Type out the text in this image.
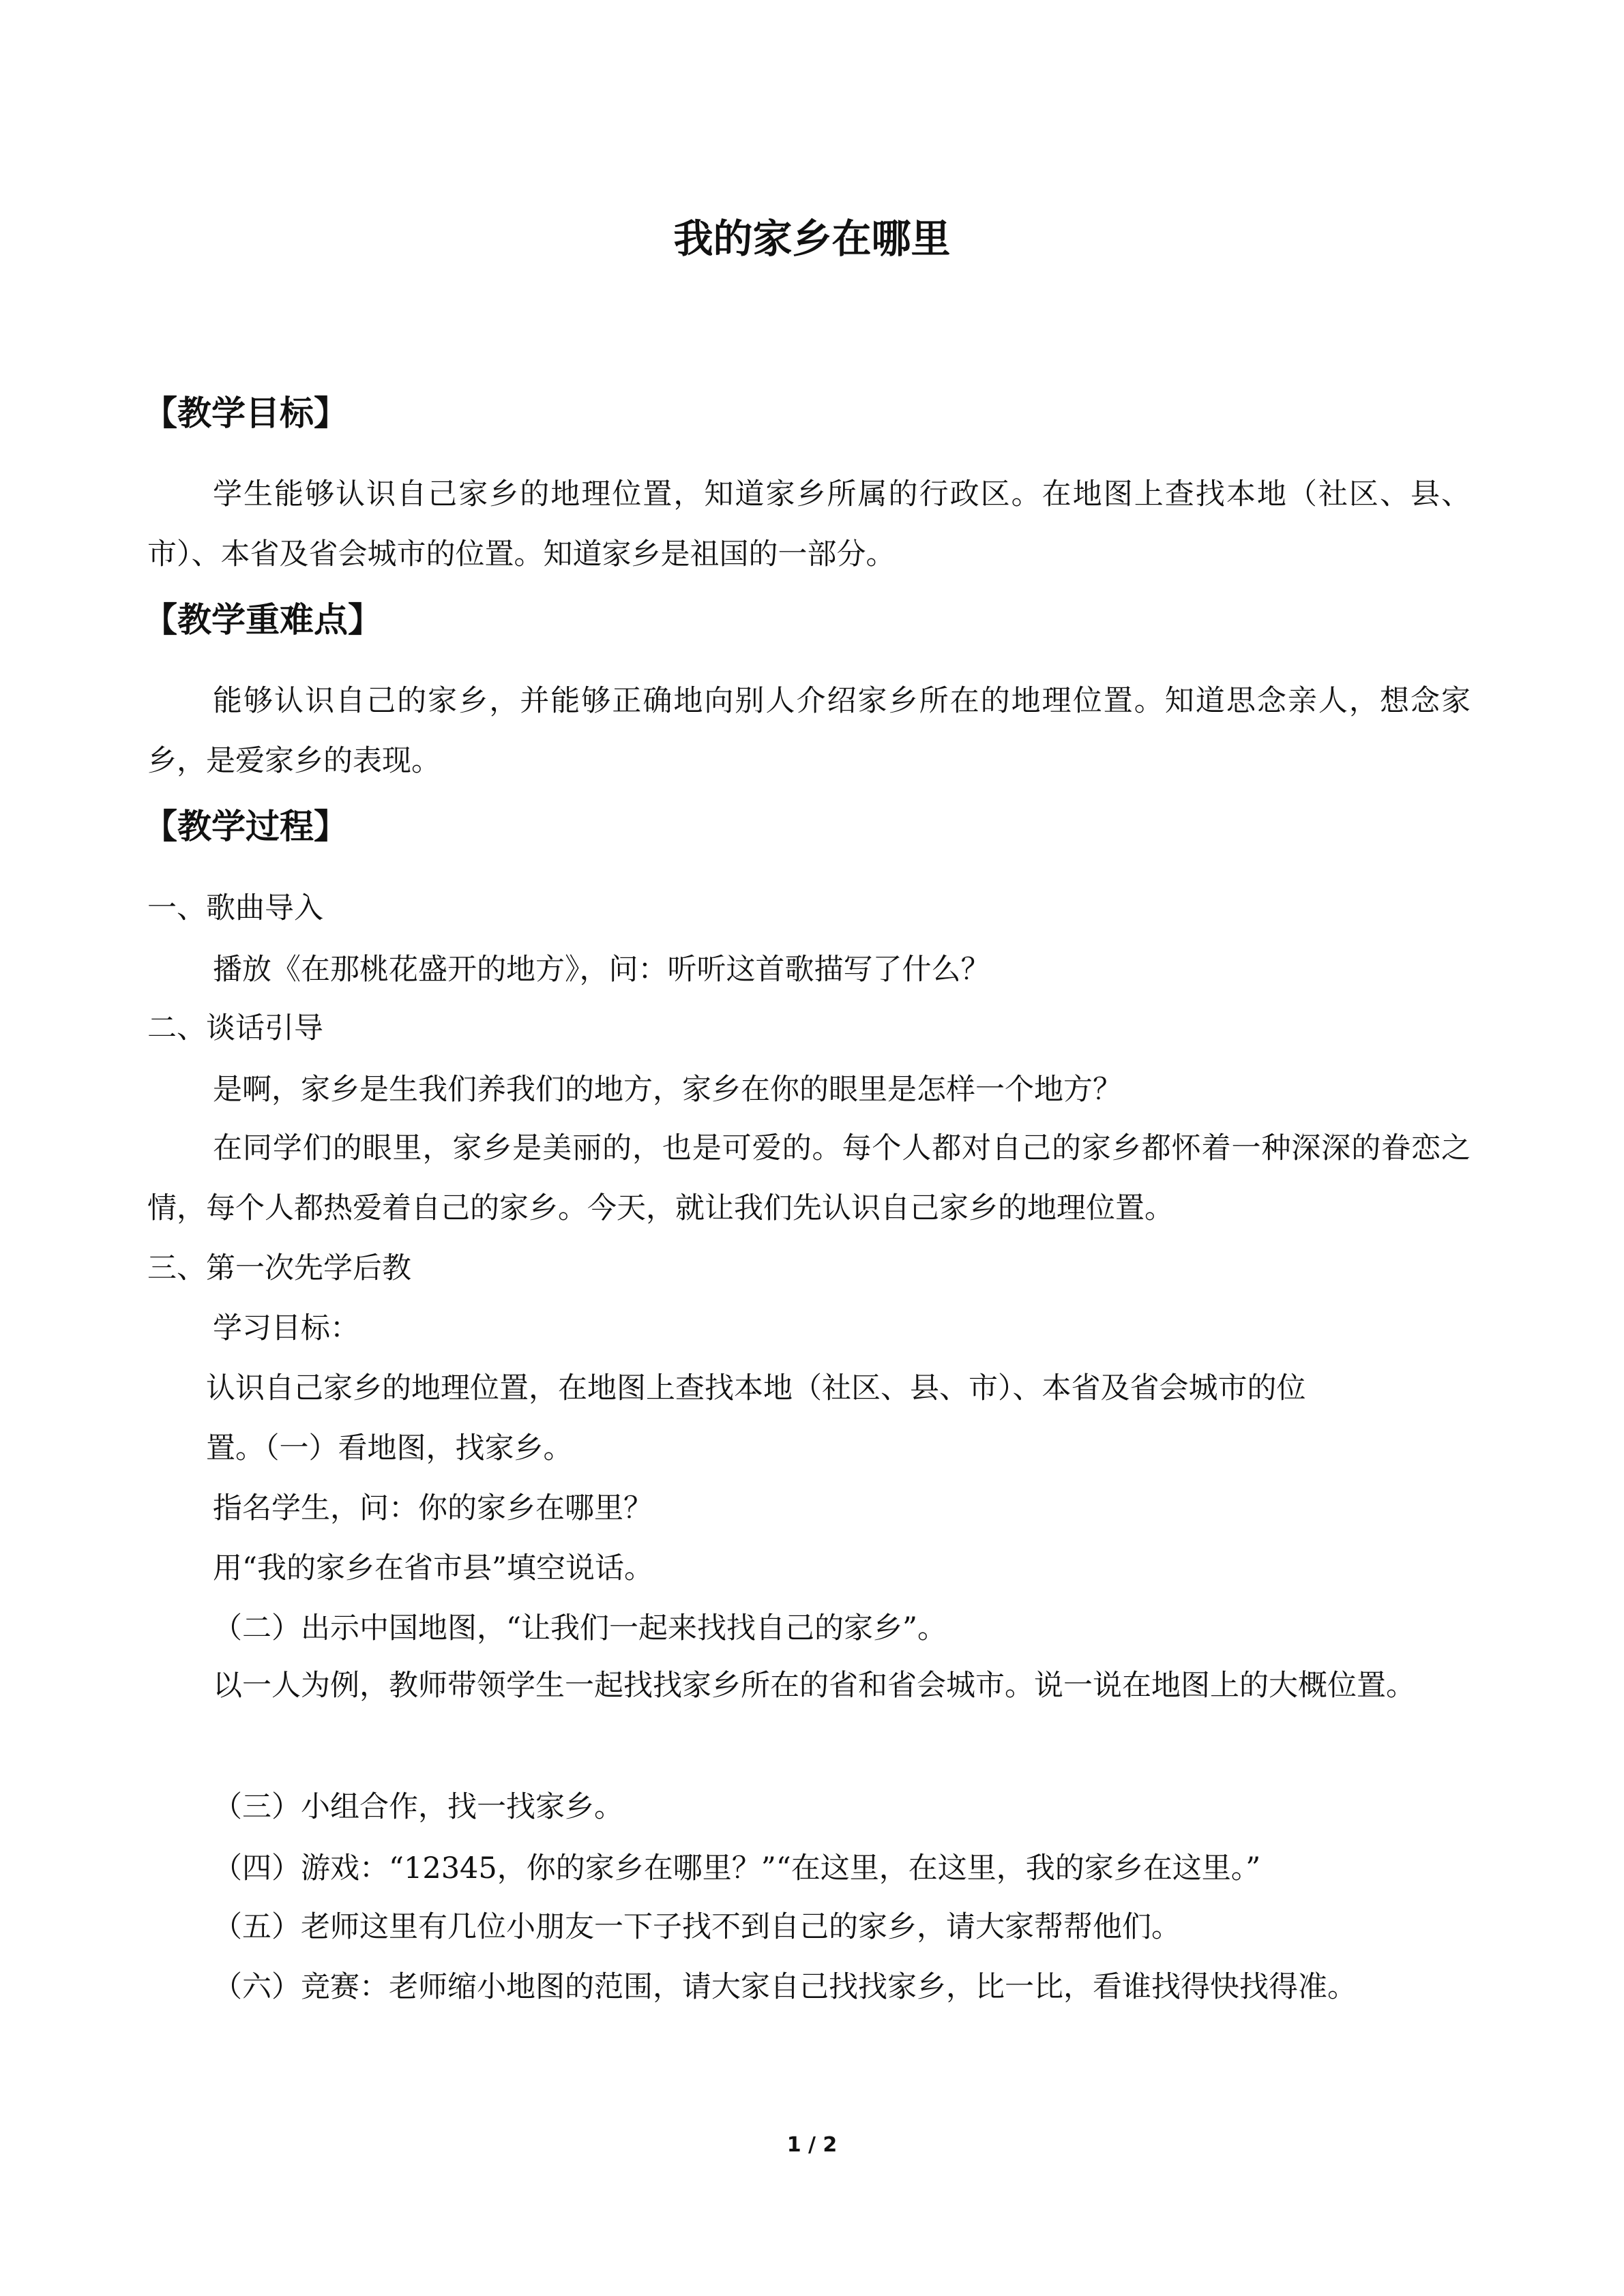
我的家乡在哪里
【教学目标】
学生能够认识自己家乡的地理位置，知道家乡所属的行政区。在地图上查找本地（社区、县、市）、本省及省会城市的位置。知道家乡是祖国的一部分。
【教学重难点】
能够认识自己的家乡，并能够正确地向别人介绍家乡所在的地理位置。知道思念亲人，想念家乡，是爱家乡的表现。
【教学过程】
一、歌曲导入
播放《在那桃花盛开的地方》，问：听听这首歌描写了什么？
二、谈话引导
是啊，家乡是生我们养我们的地方，家乡在你的眼里是怎样一个地方？
在同学们的眼里，家乡是美丽的，也是可爱的。每个人都对自己的家乡都怀着一种深深的眷恋之情，每个人都热爱着自己的家乡。今天，就让我们先认识自己家乡的地理位置。
三、第一次先学后教
学习目标：
认识自己家乡的地理位置，在地图上查找本地（社区、县、市）、本省及省会城市的位
置。（一）看地图，找家乡。
指名学生，问：你的家乡在哪里？
用“我的家乡在省市县”填空说话。
（二）出示中国地图，“让我们一起来找找自己的家乡”。
以一人为例，教师带领学生一起找找家乡所在的省和省会城市。说一说在地图上的大概位置。
（三）小组合作，找一找家乡。
（四）游戏：“12345，你的家乡在哪里？”“在这里，在这里，我的家乡在这里。”
（五）老师这里有几位小朋友一下子找不到自己的家乡，请大家帮帮他们。
（六）竞赛：老师缩小地图的范围，请大家自己找找家乡，比一比，看谁找得快找得准。
1 / 2
